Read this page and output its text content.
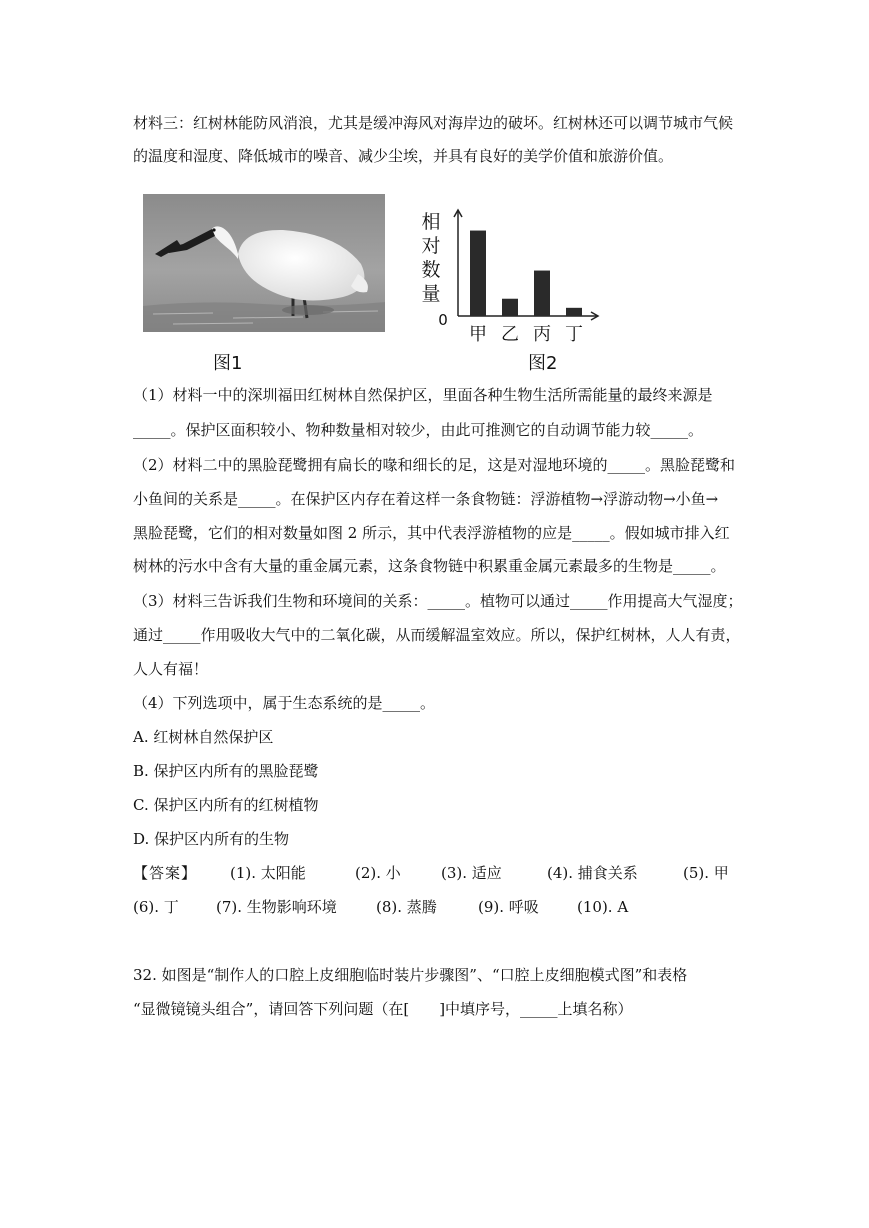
材料三：红树林能防风消浪，尤其是缓冲海风对海岸边的破坏。红树林还可以调节城市气候
的温度和湿度、降低城市的噪音、减少尘埃，并具有良好的美学价值和旅游价值。
图1
相
对
数
量
0
甲 乙 丙 丁
图2
（1）材料一中的深圳福田红树林自然保护区，里面各种生物生活所需能量的最终来源是
_____。保护区面积较小、物种数量相对较少，由此可推测它的自动调节能力较_____。
（2）材料二中的黑脸琵鹭拥有扁长的喙和细长的足，这是对湿地环境的_____。黑脸琵鹭和
小鱼间的关系是_____。在保护区内存在着这样一条食物链：浮游植物→浮游动物→小鱼→
黑脸琵鹭，它们的相对数量如图 2 所示，其中代表浮游植物的应是_____。假如城市排入红
树林的污水中含有大量的重金属元素，这条食物链中积累重金属元素最多的生物是_____。
（3）材料三告诉我们生物和环境间的关系：_____。植物可以通过_____作用提高大气湿度；
通过_____作用吸收大气中的二氧化碳，从而缓解温室效应。所以，保护红树林，人人有责，
人人有福！
（4）下列选项中，属于生态系统的是_____。
A. 红树林自然保护区
B. 保护区内所有的黑脸琵鹭
C. 保护区内所有的红树植物
D. 保护区内所有的生物
【答案】 (1). 太阳能	(2). 小	(3). 适应	(4). 捕食关系	(5). 甲
(6). 丁 (7). 生物影响环境	(8). 蒸腾	(9). 呼吸	(10). A
32. 如图是“制作人的口腔上皮细胞临时装片步骤图”、“口腔上皮细胞模式图”和表格
“显微镜镜头组合”，请回答下列问题（在[　　]中填序号，_____上填名称）
